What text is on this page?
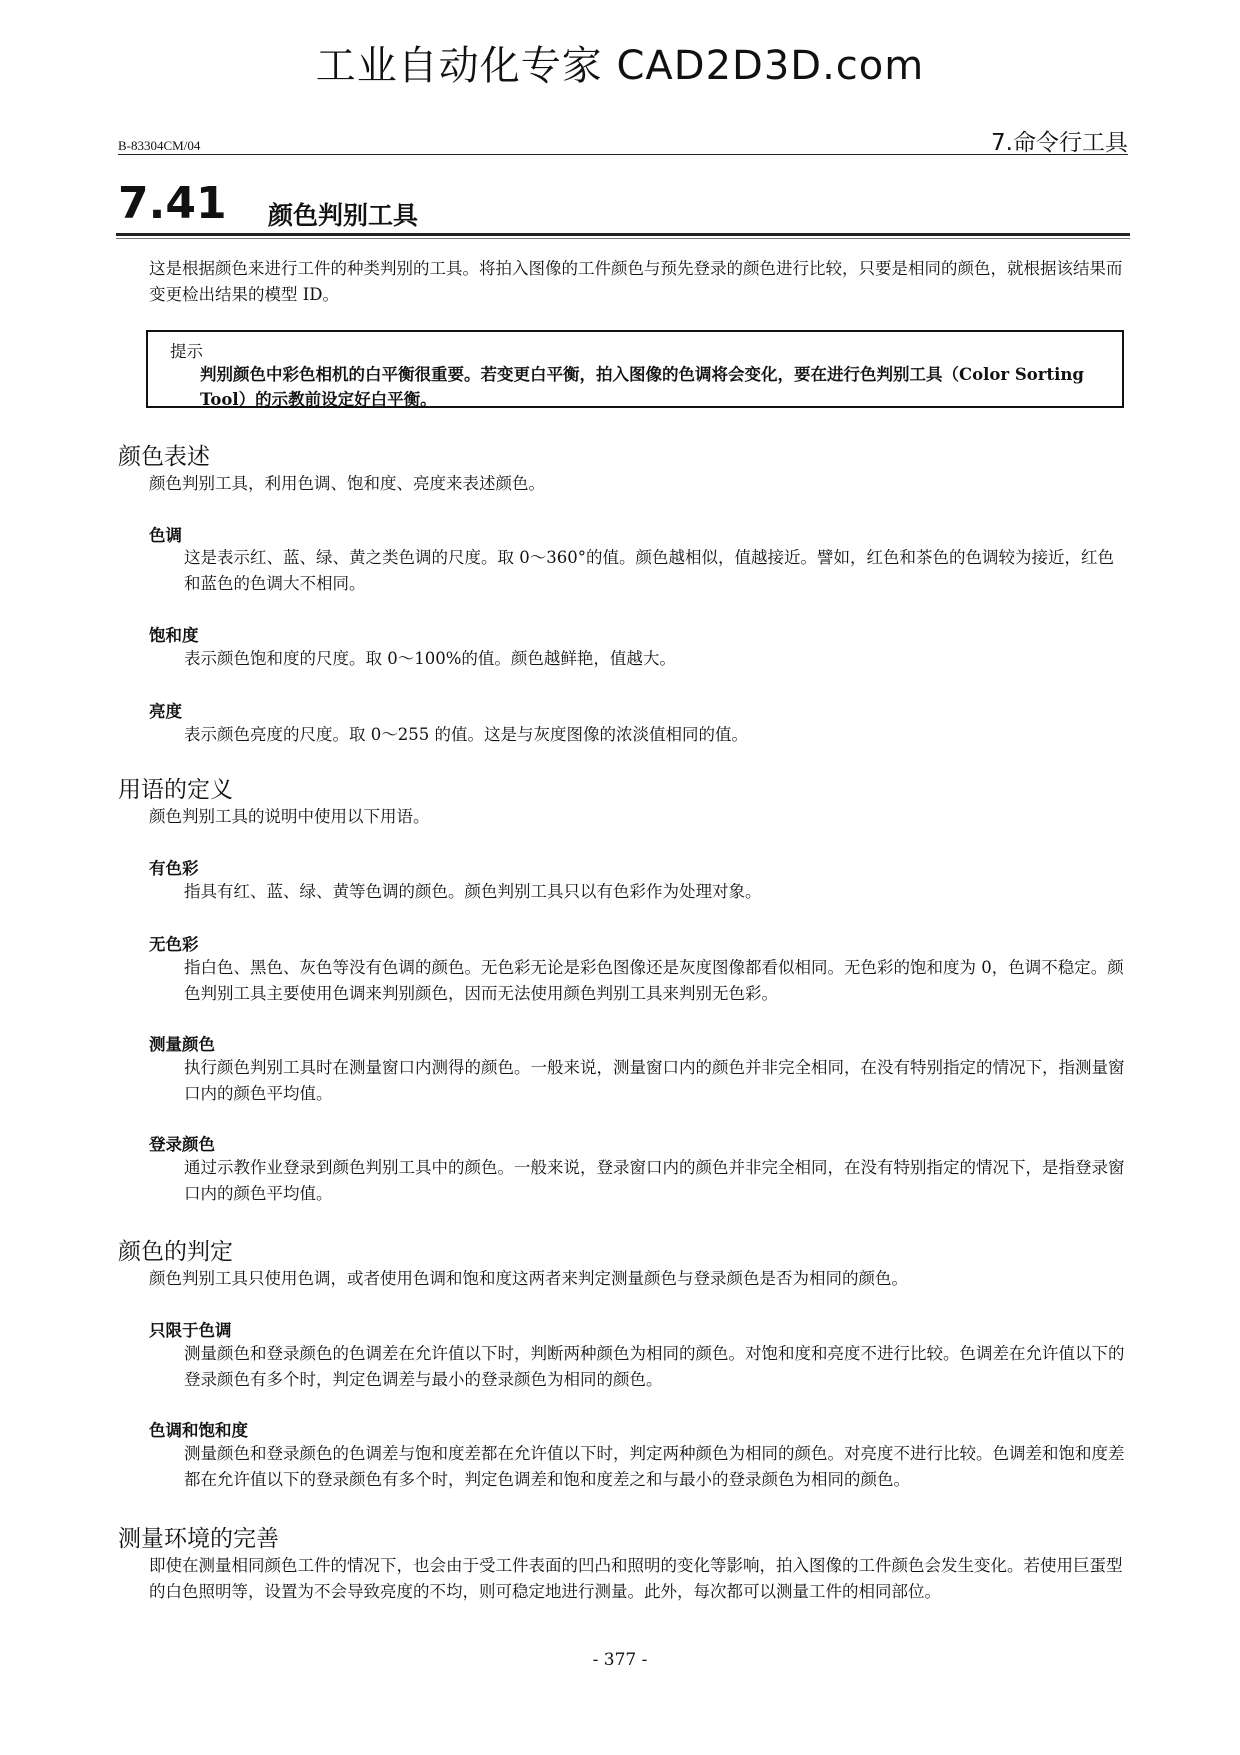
工业自动化专家 CAD2D3D.com
B-83304CM/04	7.命令行工具
7.41 颜色判别工具
这是根据颜色来进行工件的种类判别的工具。将拍入图像的工件颜色与预先登录的颜色进行比较，只要是相同的颜色，就根据该结果而变更检出结果的模型 ID。
提示
判别颜色中彩色相机的白平衡很重要。若变更白平衡，拍入图像的色调将会变化，要在进行色判别工具（Color Sorting Tool）的示教前设定好白平衡。
颜色表述
颜色判别工具，利用色调、饱和度、亮度来表述颜色。
色调
这是表示红、蓝、绿、黄之类色调的尺度。取 0～360°的值。颜色越相似，值越接近。譬如，红色和茶色的色调较为接近，红色和蓝色的色调大不相同。
饱和度
表示颜色饱和度的尺度。取 0～100%的值。颜色越鲜艳，值越大。
亮度
表示颜色亮度的尺度。取 0～255 的值。这是与灰度图像的浓淡值相同的值。
用语的定义
颜色判别工具的说明中使用以下用语。
有色彩
指具有红、蓝、绿、黄等色调的颜色。颜色判别工具只以有色彩作为处理对象。
无色彩
指白色、黑色、灰色等没有色调的颜色。无色彩无论是彩色图像还是灰度图像都看似相同。无色彩的饱和度为 0，色调不稳定。颜色判别工具主要使用色调来判别颜色，因而无法使用颜色判别工具来判别无色彩。
测量颜色
执行颜色判别工具时在测量窗口内测得的颜色。一般来说，测量窗口内的颜色并非完全相同，在没有特别指定的情况下，指测量窗口内的颜色平均值。
登录颜色
通过示教作业登录到颜色判别工具中的颜色。一般来说，登录窗口内的颜色并非完全相同，在没有特别指定的情况下，是指登录窗口内的颜色平均值。
颜色的判定
颜色判别工具只使用色调，或者使用色调和饱和度这两者来判定测量颜色与登录颜色是否为相同的颜色。
只限于色调
测量颜色和登录颜色的色调差在允许值以下时，判断两种颜色为相同的颜色。对饱和度和亮度不进行比较。色调差在允许值以下的登录颜色有多个时，判定色调差与最小的登录颜色为相同的颜色。
色调和饱和度
测量颜色和登录颜色的色调差与饱和度差都在允许值以下时，判定两种颜色为相同的颜色。对亮度不进行比较。色调差和饱和度差都在允许值以下的登录颜色有多个时，判定色调差和饱和度差之和与最小的登录颜色为相同的颜色。
测量环境的完善
即使在测量相同颜色工件的情况下，也会由于受工件表面的凹凸和照明的变化等影响，拍入图像的工件颜色会发生变化。若使用巨蛋型的白色照明等，设置为不会导致亮度的不均，则可稳定地进行测量。此外，每次都可以测量工件的相同部位。
- 377 -
